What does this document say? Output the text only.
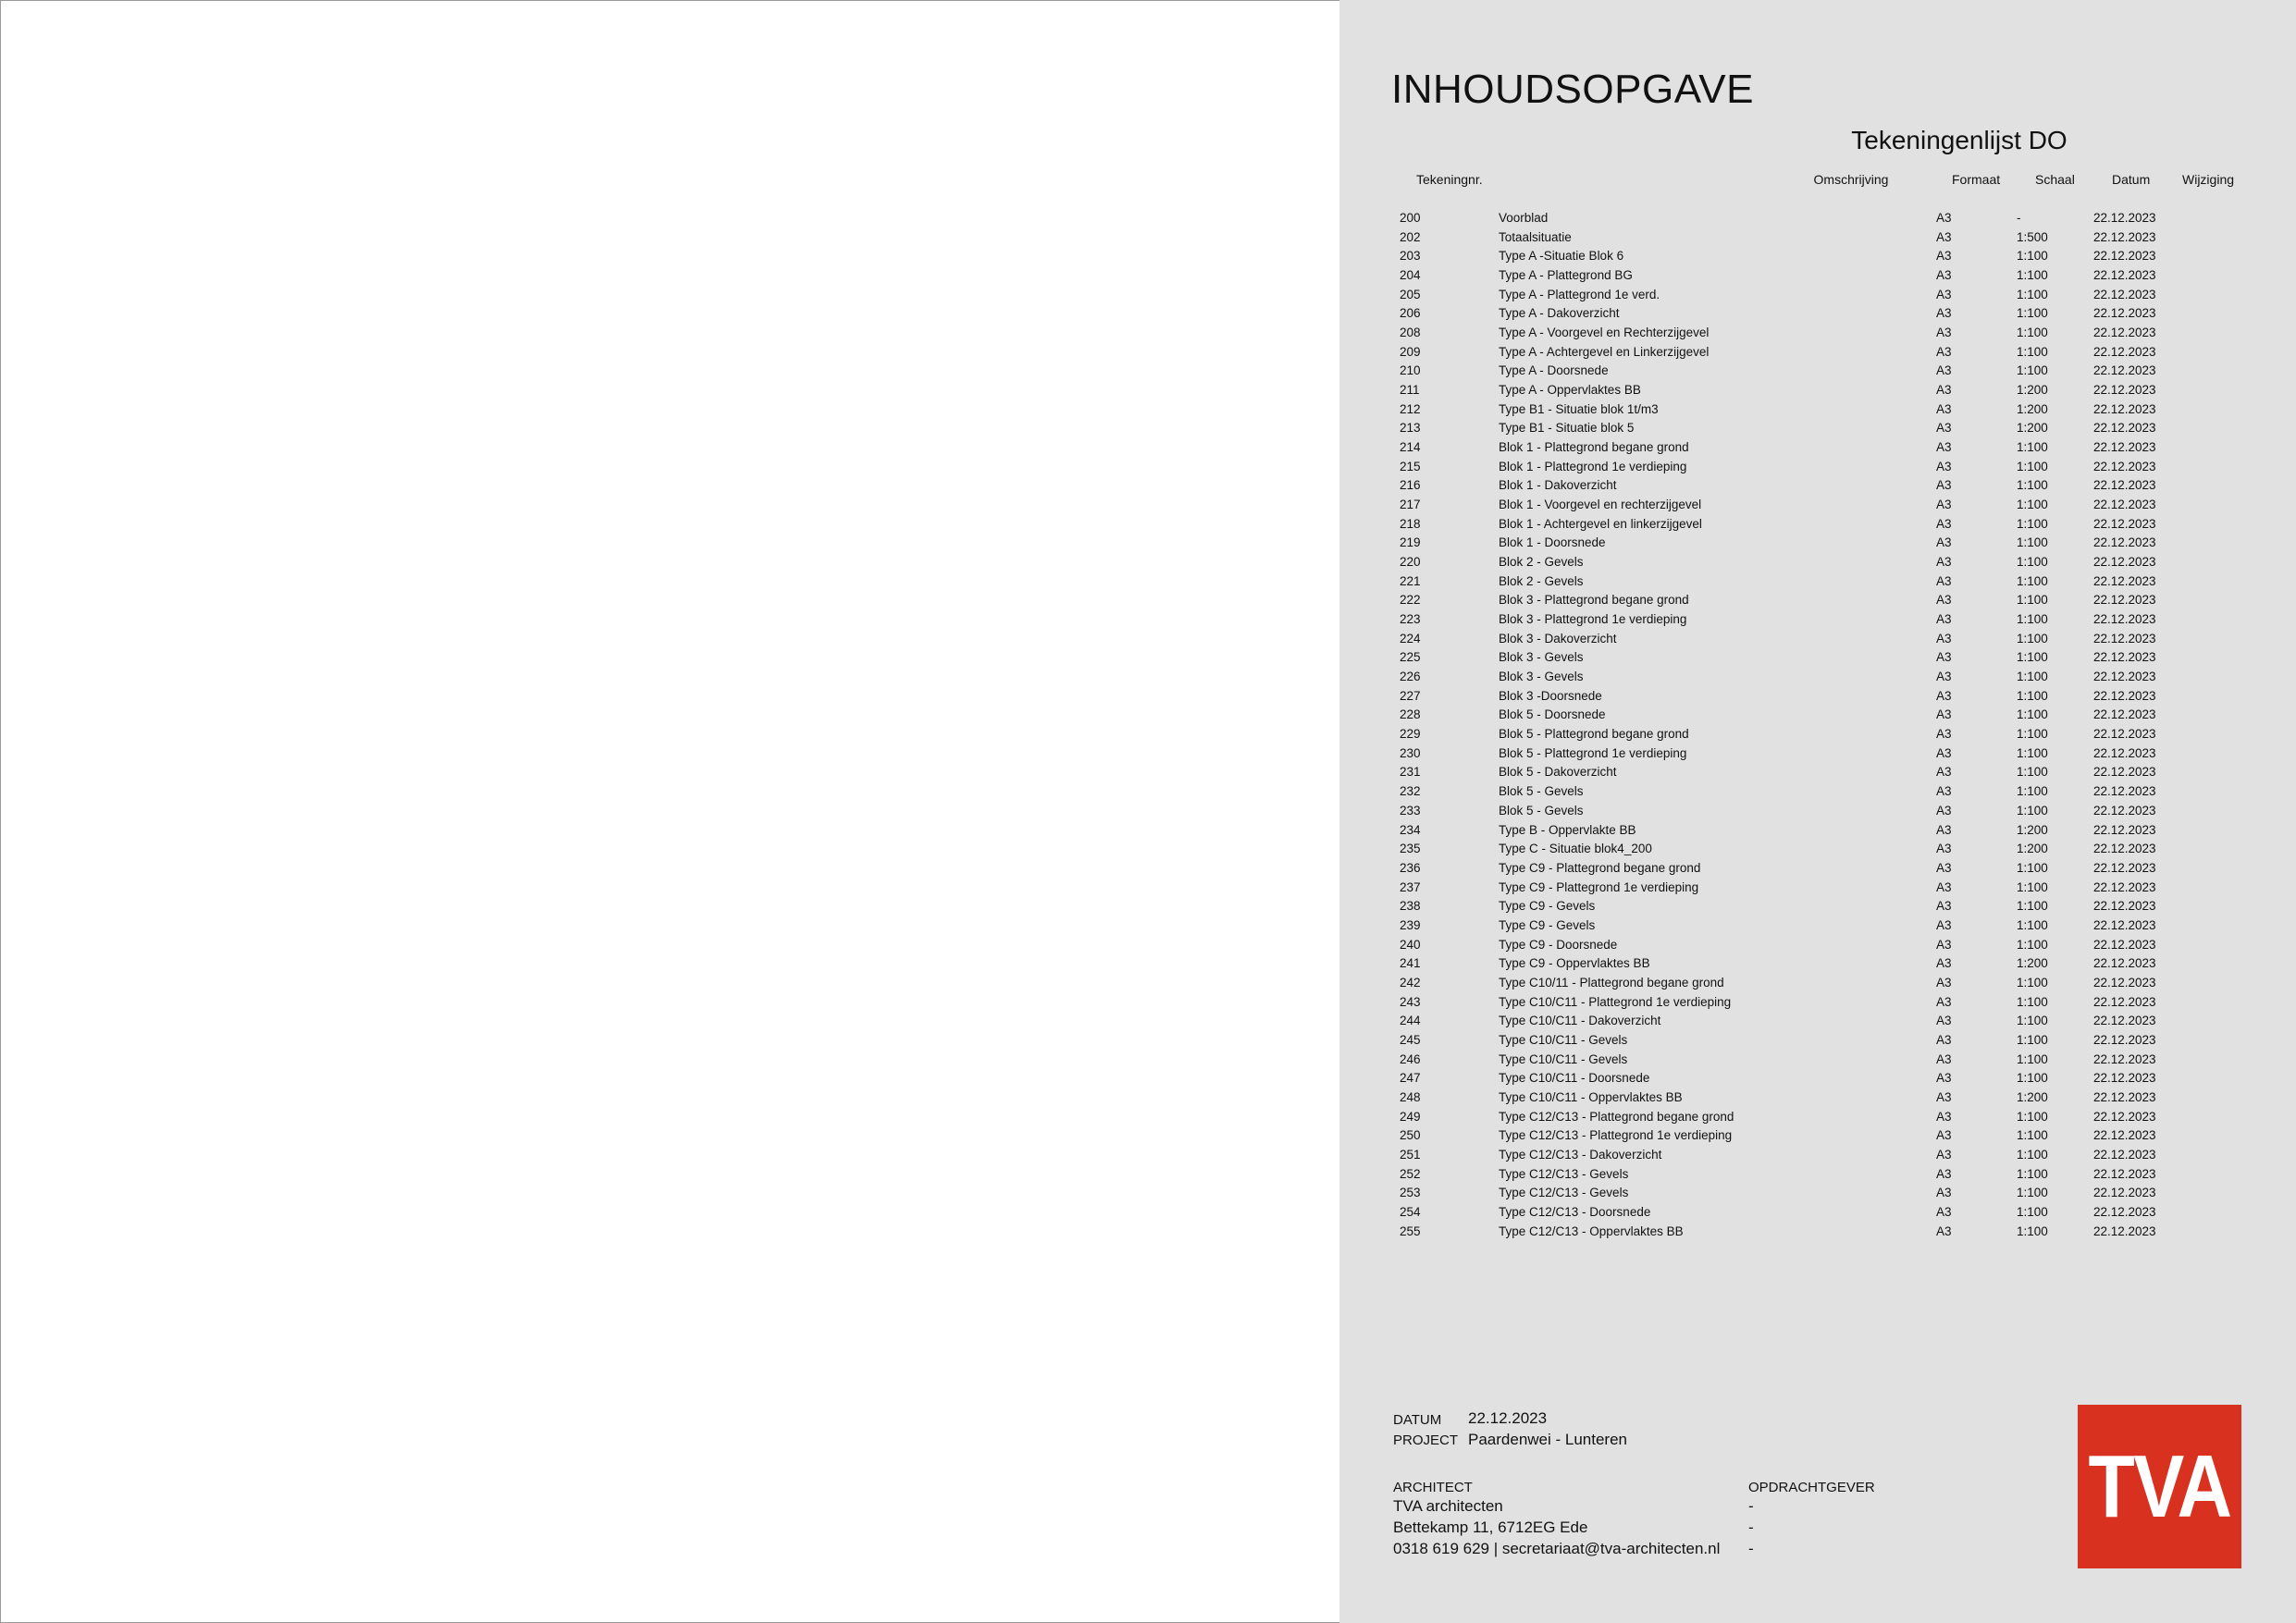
INHOUDSOPGAVE
Tekeningenlijst DO
Tekeningnr.	Omschrijving	Formaat	Schaal	Datum Wijziging
200	Voorblad	A3	-	22.12.2023
202	Totaalsituatie	A3	1:500	22.12.2023
203	Type A -Situatie Blok 6	A3	1:100	22.12.2023
204	Type A - Plattegrond BG	A3	1:100	22.12.2023
205	Type A - Plattegrond 1e verd.	A3	1:100	22.12.2023
206	Type A - Dakoverzicht	A3	1:100	22.12.2023
208	Type A - Voorgevel en Rechterzijgevel	A3	1:100	22.12.2023
209	Type A - Achtergevel en Linkerzijgevel	A3	1:100	22.12.2023
210	Type A - Doorsnede	A3	1:100	22.12.2023
211	Type A - Oppervlaktes BB	A3	1:200	22.12.2023
212	Type B1 - Situatie blok 1t/m3	A3	1:200	22.12.2023
213	Type B1 - Situatie blok 5	A3	1:200	22.12.2023
214	Blok 1 - Plattegrond begane grond	A3	1:100	22.12.2023
215	Blok 1 - Plattegrond 1e verdieping	A3	1:100	22.12.2023
216	Blok 1 - Dakoverzicht	A3	1:100	22.12.2023
217	Blok 1 - Voorgevel en rechterzijgevel	A3	1:100	22.12.2023
218	Blok 1 - Achtergevel en linkerzijgevel	A3	1:100	22.12.2023
219	Blok 1 - Doorsnede	A3	1:100	22.12.2023
220	Blok 2 - Gevels	A3	1:100	22.12.2023
221	Blok 2 - Gevels	A3	1:100	22.12.2023
222	Blok 3 - Plattegrond begane grond	A3	1:100	22.12.2023
223	Blok 3 - Plattegrond 1e verdieping	A3	1:100	22.12.2023
224	Blok 3 - Dakoverzicht	A3	1:100	22.12.2023
225	Blok 3 - Gevels	A3	1:100	22.12.2023
226	Blok 3 - Gevels	A3	1:100	22.12.2023
227	Blok 3 -Doorsnede	A3	1:100	22.12.2023
228	Blok 5 - Doorsnede	A3	1:100	22.12.2023
229	Blok 5 - Plattegrond begane grond	A3	1:100	22.12.2023
230	Blok 5 - Plattegrond 1e verdieping	A3	1:100	22.12.2023
231	Blok 5 - Dakoverzicht	A3	1:100	22.12.2023
232	Blok 5 - Gevels	A3	1:100	22.12.2023
233	Blok 5 - Gevels	A3	1:100	22.12.2023
234	Type B - Oppervlakte BB	A3	1:200	22.12.2023
235	Type C - Situatie blok4_200	A3	1:200	22.12.2023
236	Type C9 - Plattegrond begane grond	A3	1:100	22.12.2023
237	Type C9 - Plattegrond 1e verdieping	A3	1:100	22.12.2023
238	Type C9 - Gevels	A3	1:100	22.12.2023
239	Type C9 - Gevels	A3	1:100	22.12.2023
240	Type C9 - Doorsnede	A3	1:100	22.12.2023
241	Type C9 - Oppervlaktes BB	A3	1:200	22.12.2023
242	Type C10/11 - Plattegrond begane grond	A3	1:100	22.12.2023
243	Type C10/C11 - Plattegrond 1e verdieping	A3	1:100	22.12.2023
244	Type C10/C11 - Dakoverzicht	A3	1:100	22.12.2023
245	Type C10/C11 - Gevels	A3	1:100	22.12.2023
246	Type C10/C11 - Gevels	A3	1:100	22.12.2023
247	Type C10/C11 - Doorsnede	A3	1:100	22.12.2023
248	Type C10/C11 - Oppervlaktes BB	A3	1:200	22.12.2023
249	Type C12/C13 - Plattegrond begane grond	A3	1:100	22.12.2023
250	Type C12/C13 - Plattegrond 1e verdieping	A3	1:100	22.12.2023
251	Type C12/C13 - Dakoverzicht	A3	1:100	22.12.2023
252	Type C12/C13 - Gevels	A3	1:100	22.12.2023
253	Type C12/C13 - Gevels	A3	1:100	22.12.2023
254	Type C12/C13 - Doorsnede	A3	1:100	22.12.2023
255	Type C12/C13 - Oppervlaktes BB	A3	1:100	22.12.2023
DATUM 22.12.2023
PROJECT Paardenwei - Lunteren
ARCHITECT
TVA architecten
Bettekamp 11, 6712EG Ede
0318 619 629 | secretariaat@tva-architecten.nl
OPDRACHTGEVER
-
-
-
TVA
